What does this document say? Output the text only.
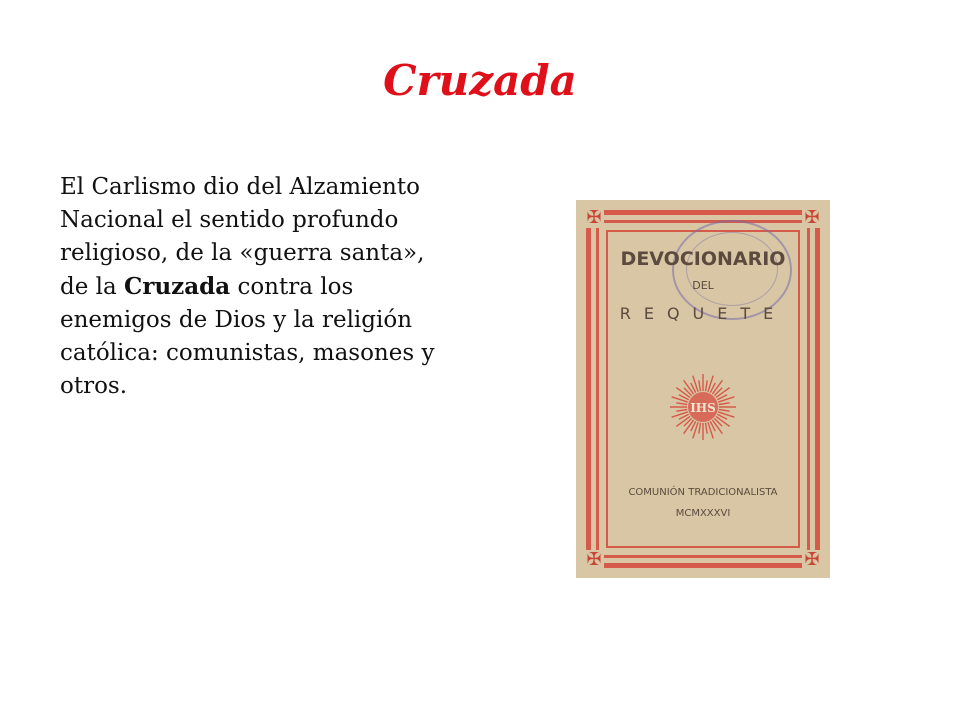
Cruzada

El Carlismo dio del Alzamiento Nacional el sentido profundo religioso, de la «guerra santa», de la Cruzada contra los enemigos de Dios y la religión católica: comunistas, masones y otros.

✠	✠
✠	✠
DEVOCIONARIO
DEL
REQUETE
IHS
COMUNIÓN TRADICIONALISTA
MCMXXXVI
